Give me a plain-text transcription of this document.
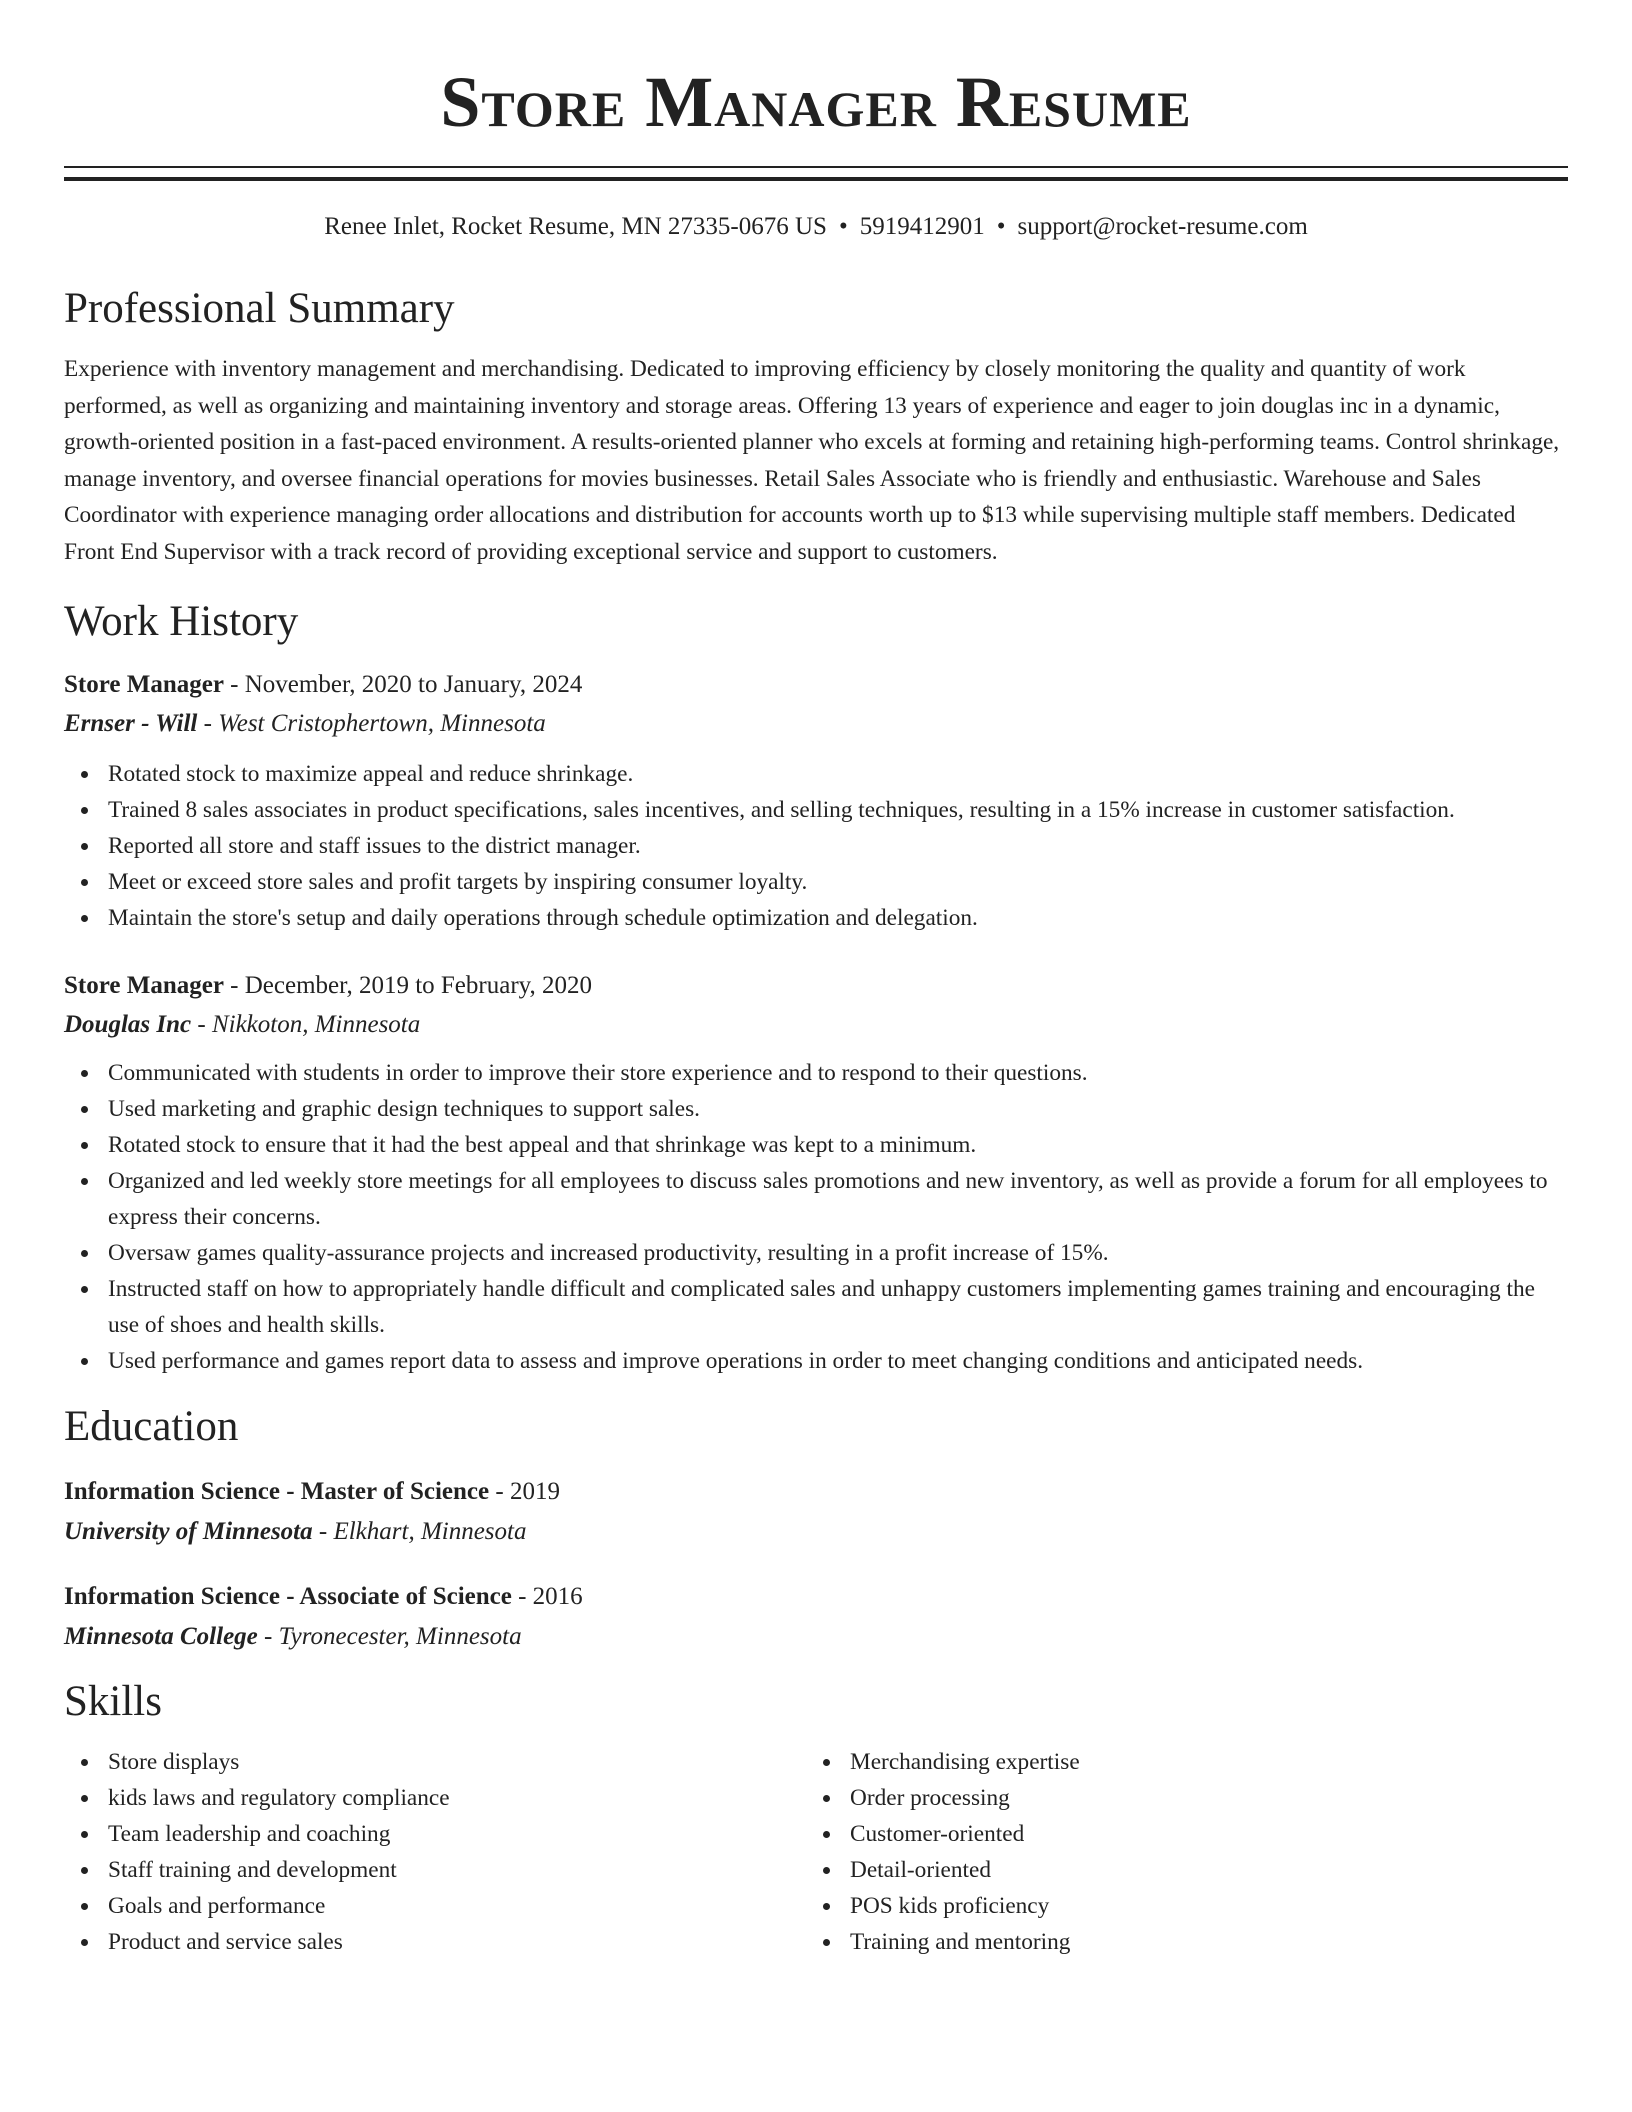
Store Manager Resume
Renee Inlet, Rocket Resume, MN 27335-0676 US • 5919412901 • support@rocket-resume.com
Professional Summary

Experience with inventory management and merchandising. Dedicated to improving efficiency by closely monitoring the quality and quantity of work performed, as well as organizing and maintaining inventory and storage areas. Offering 13 years of experience and eager to join douglas inc in a dynamic, growth-oriented position in a fast-paced environment. A results-oriented planner who excels at forming and retaining high-performing teams. Control shrinkage, manage inventory, and oversee financial operations for movies businesses. Retail Sales Associate who is friendly and enthusiastic. Warehouse and Sales Coordinator with experience managing order allocations and distribution for accounts worth up to $13 while supervising multiple staff members. Dedicated Front End Supervisor with a track record of providing exceptional service and support to customers.

Work History
Store Manager - November, 2020 to January, 2024
Ernser - Will - West Cristophertown, Minnesota
Rotated stock to maximize appeal and reduce shrinkage.
Trained 8 sales associates in product specifications, sales incentives, and selling techniques, resulting in a 15% increase in customer satisfaction.
Reported all store and staff issues to the district manager.
Meet or exceed store sales and profit targets by inspiring consumer loyalty.
Maintain the store's setup and daily operations through schedule optimization and delegation.
Store Manager - December, 2019 to February, 2020
Douglas Inc - Nikkoton, Minnesota
Communicated with students in order to improve their store experience and to respond to their questions.
Used marketing and graphic design techniques to support sales.
Rotated stock to ensure that it had the best appeal and that shrinkage was kept to a minimum.
Organized and led weekly store meetings for all employees to discuss sales promotions and new inventory, as well as provide a forum for all employees to express their concerns.
Oversaw games quality-assurance projects and increased productivity, resulting in a profit increase of 15%.
Instructed staff on how to appropriately handle difficult and complicated sales and unhappy customers implementing games training and encouraging the use of shoes and health skills.
Used performance and games report data to assess and improve operations in order to meet changing conditions and anticipated needs.
Education
Information Science - Master of Science - 2019
University of Minnesota - Elkhart, Minnesota
Information Science - Associate of Science - 2016
Minnesota College - Tyronecester, Minnesota
Skills
Store displays
kids laws and regulatory compliance
Team leadership and coaching
Staff training and development
Goals and performance
Product and service sales
Merchandising expertise
Order processing
Customer-oriented
Detail-oriented
POS kids proficiency
Training and mentoring
